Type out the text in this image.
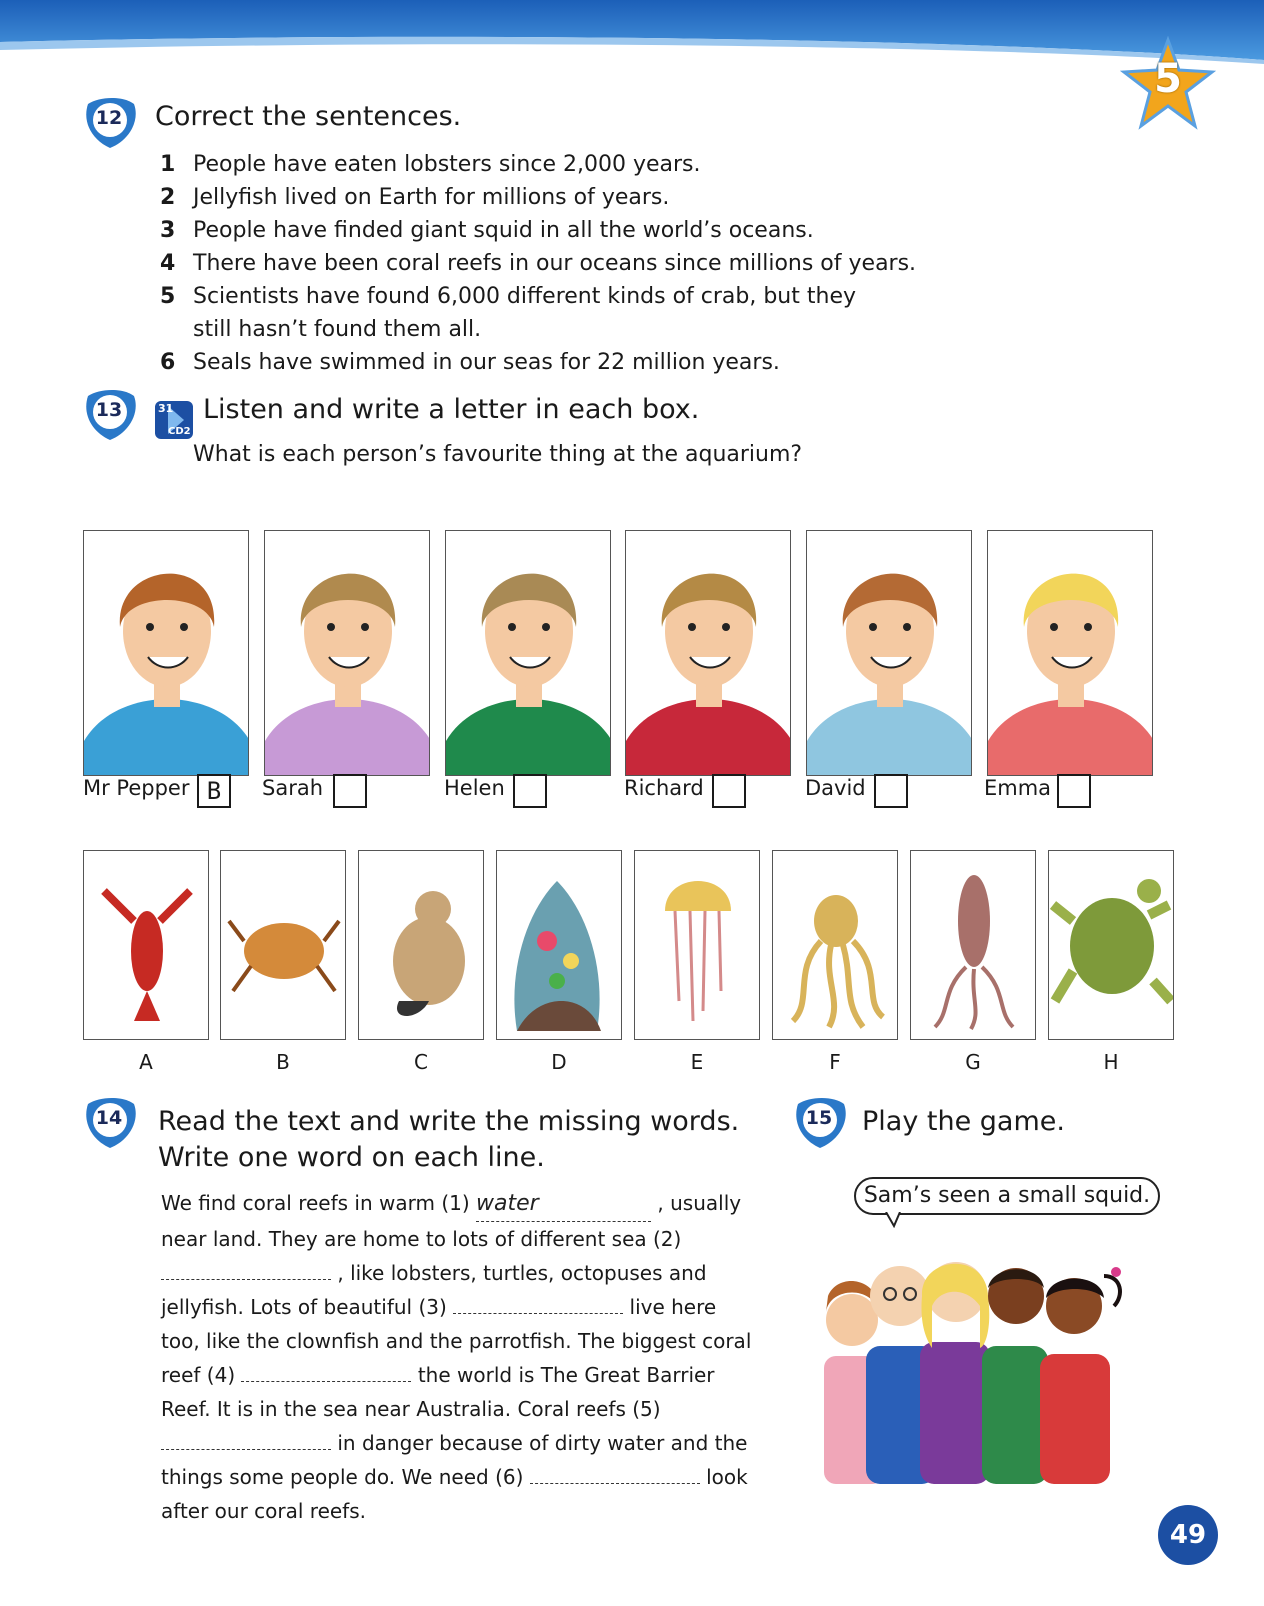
5
12	Correct the sentences.
1 People have eaten lobsters since 2,000 years.
2 Jellyfish lived on Earth for millions of years.
3 People have finded giant squid in all the world’s oceans.
4 There have been coral reefs in our oceans since millions of years.
5 Scientists have found 6,000 different kinds of crab, but they still hasn’t found them all.
6 Seals have swimmed in our seas for 22 million years.
13	31
CD2
Listen and write a letter in each box.
What is each person’s favourite thing at the aquarium?
Mr Pepper B	Sarah	Helen	Richard	David	Emma
A	B	C	D	E	F	G	H
14	Read the text and write the missing words.
Write one word on each line.
We find coral reefs in warm (1) water	, usually near land. They are home to lots of different sea (2)  , like lobsters, turtles, octopuses and jellyfish. Lots of beautiful (3)	live here too, like the clownfish and the parrotfish. The biggest coral reef (4)	the world is The Great Barrier Reef. It is in the sea near Australia. Coral reefs (5)  in danger because of dirty water and the things some people do. We need (6)	look after our coral reefs.
15	Play the game.
Sam’s seen a small squid.
49
